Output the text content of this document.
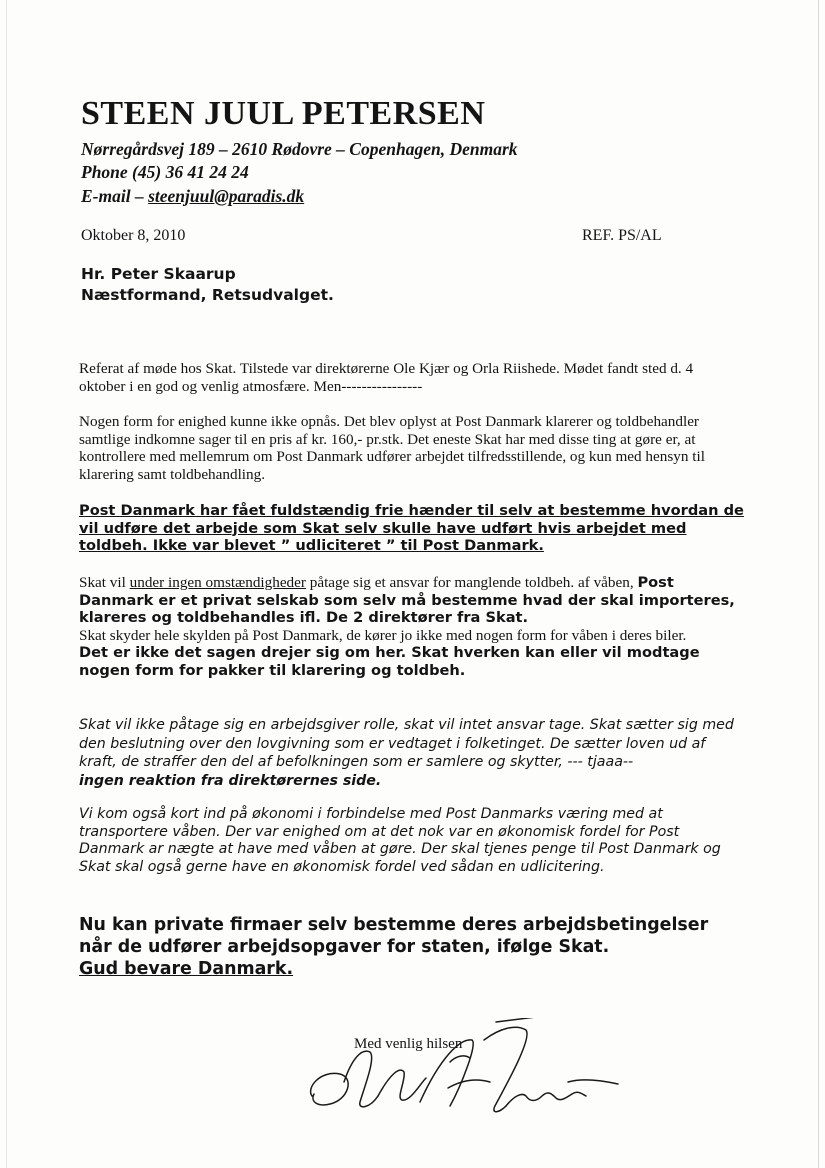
STEEN JUUL PETERSEN
Nørregårdsvej 189 – 2610 Rødovre – Copenhagen, Denmark
Phone (45) 36 41 24 24
E-mail – steenjuul@paradis.dk
Oktober 8, 2010	REF. PS/AL
Hr. Peter Skaarup
Næstformand, Retsudvalget.

Referat af møde hos Skat. Tilstede var direktørerne Ole Kjær og Orla Riishede. Mødet fandt sted d. 4 oktober i en god og venlig atmosfære. Men----------------

Nogen form for enighed kunne ikke opnås. Det blev oplyst at Post Danmark klarerer og toldbehandler samtlige indkomne sager til en pris af kr. 160,- pr.stk. Det eneste Skat har med disse ting at gøre er, at kontrollere med mellemrum om Post Danmark udfører arbejdet tilfredsstillende, og kun med hensyn til klarering samt toldbehandling.

Post Danmark har fået fuldstændig frie hænder til selv at bestemme hvordan de vil udføre det arbejde som Skat selv skulle have udført hvis arbejdet med toldbeh. Ikke var blevet ” udliciteret ” til Post Danmark.

Skat vil under ingen omstændigheder påtage sig et ansvar for manglende toldbeh. af våben, Post Danmark er et privat selskab som selv må bestemme hvad der skal importeres, klareres og toldbehandles ifl. De 2 direktører fra Skat.
Skat skyder hele skylden på Post Danmark, de kører jo ikke med nogen form for våben i deres biler.
Det er ikke det sagen drejer sig om her. Skat hverken kan eller vil modtage nogen form for pakker til klarering og toldbeh.
Skat vil ikke påtage sig en arbejdsgiver rolle, skat vil intet ansvar tage. Skat sætter sig med den beslutning over den lovgivning som er vedtaget i folketinget. De sætter loven ud af kraft, de straffer den del af befolkningen som er samlere og skytter, --- tjaaa--
ingen reaktion fra direktørernes side.

Vi kom også kort ind på økonomi i forbindelse med Post Danmarks væring med at transportere våben. Der var enighed om at det nok var en økonomisk fordel for Post Danmark ar nægte at have med våben at gøre. Der skal tjenes penge til Post Danmark og Skat skal også gerne have en økonomisk fordel ved sådan en udlicitering.

Nu kan private firmaer selv bestemme deres arbejdsbetingelser
når de udfører arbejdsopgaver for staten, ifølge Skat.
Gud bevare Danmark.
Med venlig hilsen
